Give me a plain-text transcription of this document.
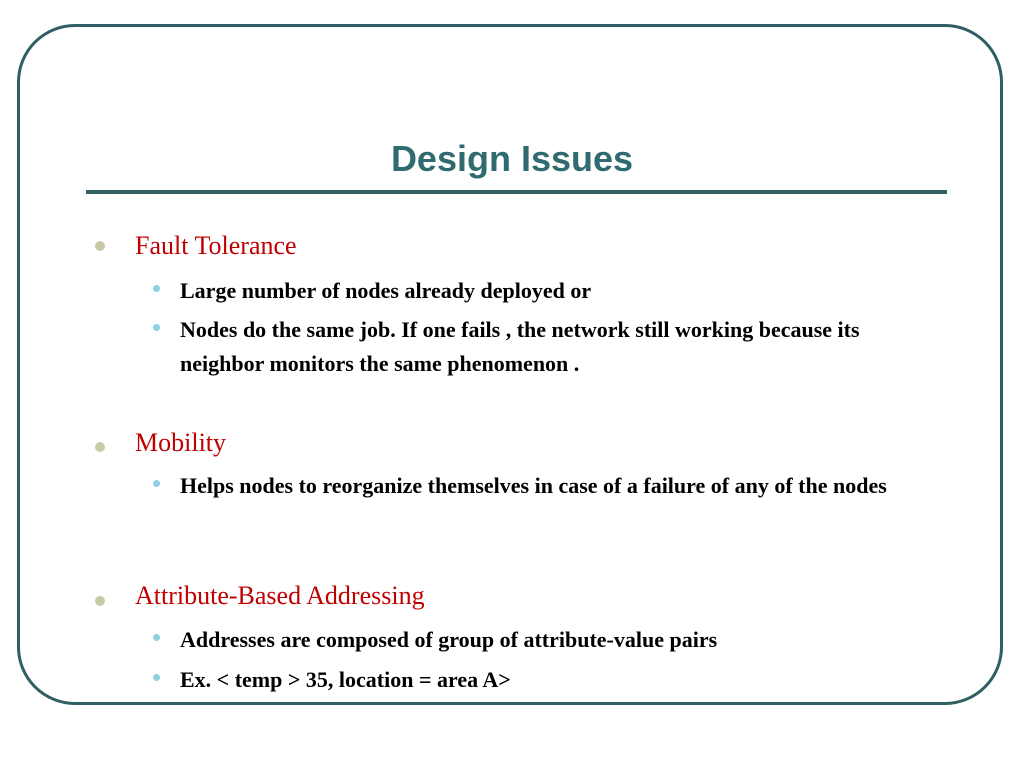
Design Issues
Fault Tolerance
• Large number of nodes already deployed or
• Nodes do the same job. If one fails , the network still working because its neighbor monitors the same phenomenon .
Mobility
• Helps nodes to reorganize themselves in case of a failure of any of the nodes
Attribute-Based Addressing
• Addresses are composed of group of attribute-value pairs
• Ex. < temp > 35, location = area A>
